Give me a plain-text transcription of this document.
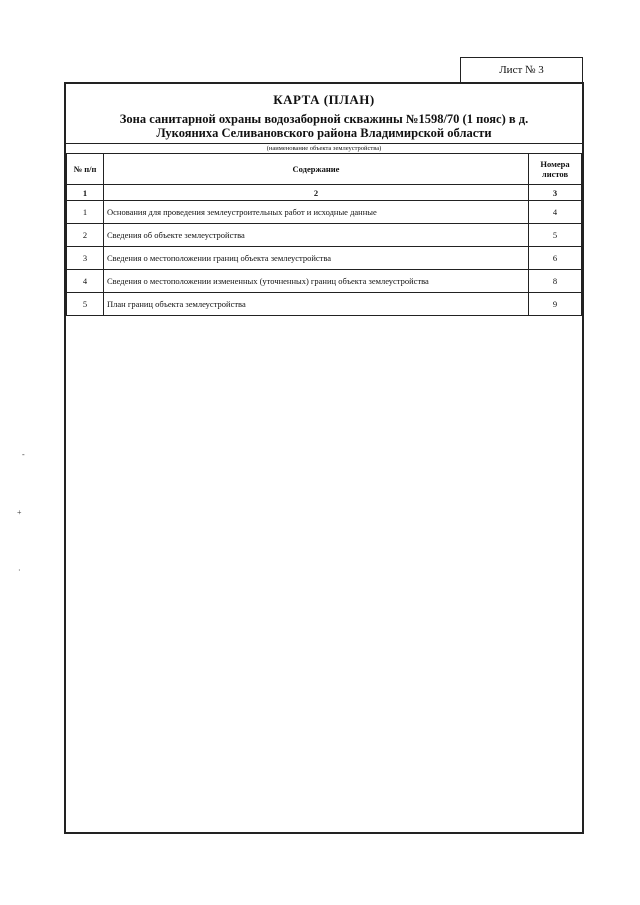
Лист № 3
КАРТА (ПЛАН)
Зона санитарной охраны водозаборной скважины №1598/70 (1 пояс) в д.
Лукоянихa Селивановского района Владимирской области
(наименование объекта землеустройства)
№ п/п	Содержание	Номера листов
1	2	3
1	Основания для проведения землеустроительных работ и исходные данные	4
2	Сведения об объекте землеустройства	5
3	Сведения о местоположении границ объекта землеустройства	6
4	Сведения о местоположении измененных (уточненных) границ объекта землеустройства	8
5	План границ объекта землеустройства	9
-
+
·
